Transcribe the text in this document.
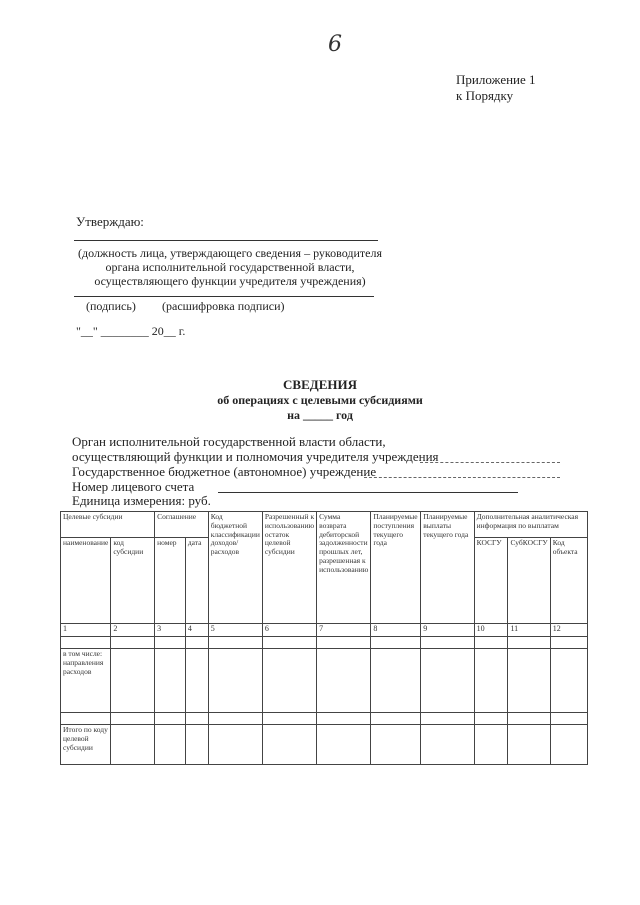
6
Приложение 1
к Порядку
Утверждаю:
(должность лица, утверждающего сведения – руководителя
органа исполнительной государственной власти,
осуществляющего функции учредителя учреждения)
(подпись) (расшифровка подписи)
"__" ________ 20__ г.
СВЕДЕНИЯ
об операциях с целевыми субсидиями
на _____ год
Орган исполнительной государственной власти области,
осуществляющий функции и полномочия учредителя учреждения
Государственное бюджетное (автономное) учреждение
Номер лицевого счета
Единица измерения: руб.
Целевые субсидии		Соглашение		Код бюджетной классификации доходов/ расходов	Разрешенный к использованию остаток целевой субсидии	Сумма возврата дебиторской задолженности прошлых лет, разрешенная к использованию	Планируемые поступления текущего года	Планируемые выплаты текущего года	Дополнительная аналитическая информация по выплатам		
наименование	код субсидии	номер	дата						КОСГУ	СубКОСГУ	Код объекта
1	2	3	4	5	6	7	8	9	10	11	12

в том числе: направления расходов											

Итого по коду целевой субсидии											
